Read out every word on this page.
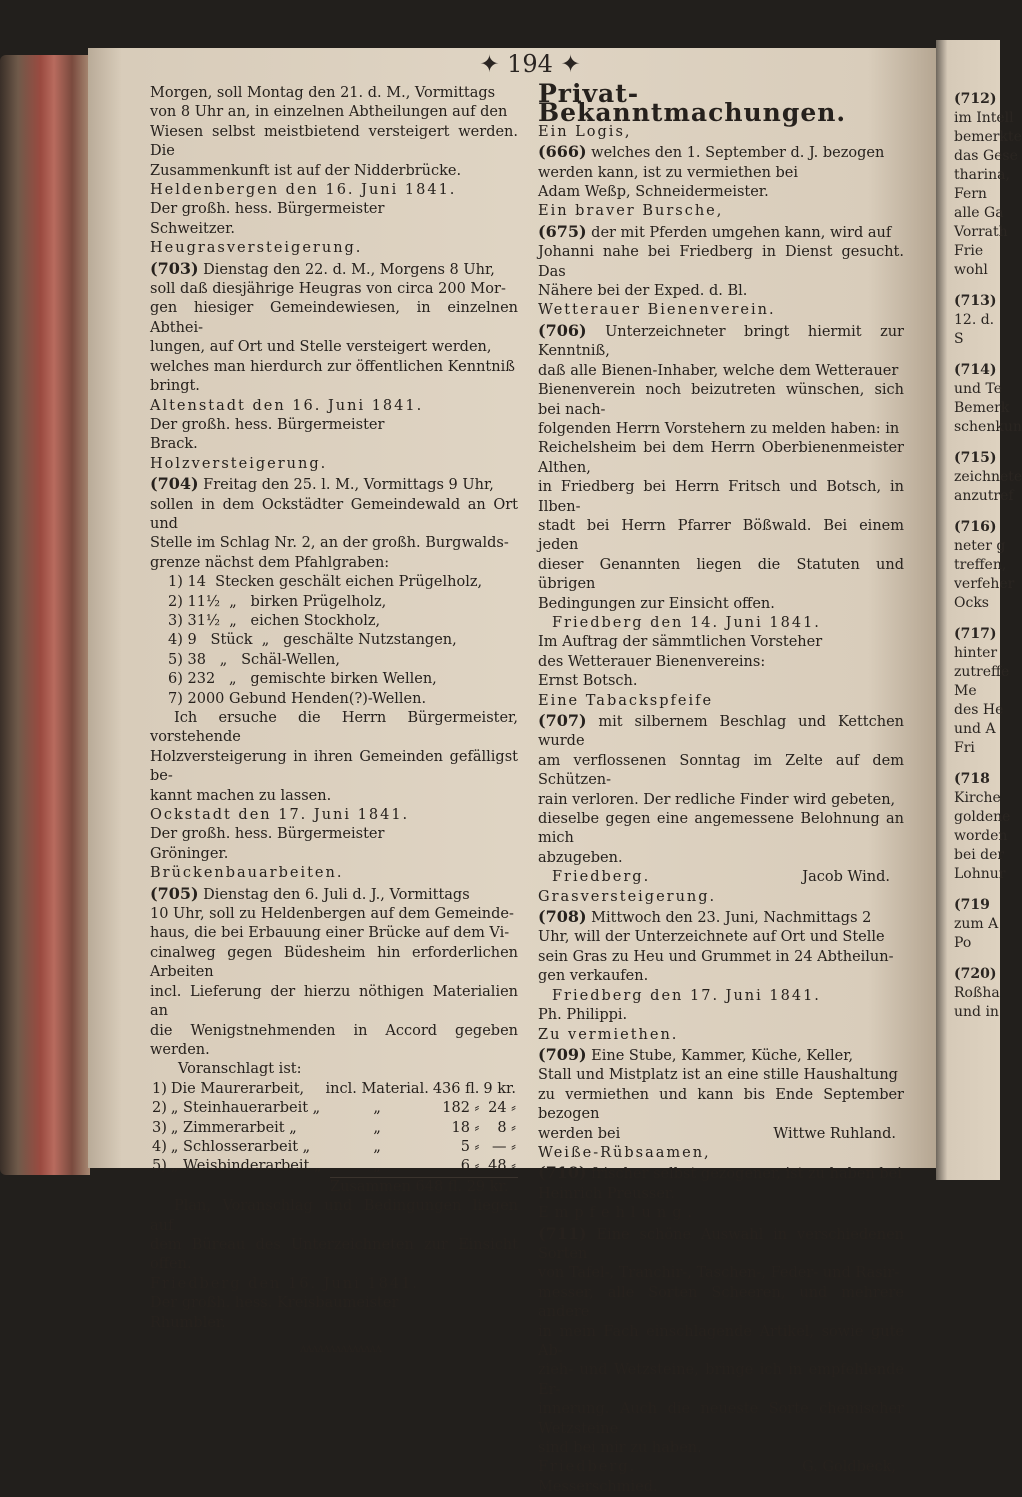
(712)
im Intell
bemerkte
das Gese
tharina,
Fern
alle Ga
Vorrath
Frie
wohl
(713)
12. d.
S
(714)
und Te
Bemerk
schenkun
(715)
zeichnete
anzutref
(716)
neter g
treffen,
verfeher
Ocks
(717)
hinter
zutreffe
Me
des He
und A
Fri
(718
Kirche
goldene
worden
bei der
Lohnur
(719
zum A
Po
(720)
Roßha
und in
✦ 194 ✦

Morgen, soll Montag den 21. d. M., Vormittags

von 8 Uhr an, in einzelnen Abtheilungen auf den

Wiesen selbst meistbietend versteigert werden. Die

Zusammenkunft ist auf der Nidderbrücke.

Heldenbergen den 16. Juni 1841.

Der großh. hess. Bürgermeister

Schweitzer.

Heugrasversteigerung.

(703) Dienstag den 22. d. M., Morgens 8 Uhr,

soll daß diesjährige Heugras von circa 200 Mor-

gen hiesiger Gemeindewiesen, in einzelnen Abthei-

lungen, auf Ort und Stelle versteigert werden,

welches man hierdurch zur öffentlichen Kenntniß

bringt.

Altenstadt den 16. Juni 1841.

Der großh. hess. Bürgermeister

Brack.

Holzversteigerung.

(704) Freitag den 25. l. M., Vormittags 9 Uhr,

sollen in dem Ockstädter Gemeindewald an Ort und

Stelle im Schlag Nr. 2, an der großh. Burgwalds-

grenze nächst dem Pfahlgraben:

1) 14  Stecken geschält eichen Prügelholz,

2) 11½  „   birken Prügelholz,

3) 31½  „   eichen Stockholz,

4) 9   Stück  „   geschälte Nutzstangen,

5) 38   „   Schäl-Wellen,

6) 232   „   gemischte birken Wellen,

7) 2000 Gebund Henden(?)-Wellen.

Ich ersuche die Herrn Bürgermeister, vorstehende

Holzversteigerung in ihren Gemeinden gefälligst be-

kannt machen zu lassen.

Ockstadt den 17. Juni 1841.

Der großh. hess. Bürgermeister

Gröninger.

Brückenbauarbeiten.

(705) Dienstag den 6. Juli d. J., Vormittags

10 Uhr, soll zu Heldenbergen auf dem Gemeinde-

haus, die bei Erbauung einer Brücke auf dem Vi-

cinalweg gegen Büdesheim hin erforderlichen Arbeiten

incl. Lieferung der hierzu nöthigen Materialien an

die Wenigstnehmenden in Accord gegeben werden.

Voranschlagt ist:

1)	Die Maurerarbeit,	incl. Material.	436 fl.	9 kr.
2)	„ Steinhauerarbeit „	„	182 ⸗	24 ⸗
3)	„ Zimmerarbeit „	„	18 ⸗	8 ⸗
4)	„ Schlosserarbeit „	„	5 ⸗	— ⸗
5)	„ Weisbinderarbeit „	„	6 ⸗	48 ⸗

Zusammen 648 fl. 29 kr.

Plan, Voranschlag und Bedingungen liegen auf

dem Büreau des Unterzeichneten zur Einsicht offen.

Friedberg den 16. Juni 1841.

Der großh. hess. Kreisbaumeister

Rhumbler.

ʌʌʌʌʌʌʌʌʌʌʌʌʌʌ

Privat-Bekanntmachungen.

Ein Logis,

(666) welches den 1. September d. J. bezogen

werden kann, ist zu vermiethen bei

Adam Weßp, Schneidermeister.

Ein braver Bursche,

(675) der mit Pferden umgehen kann, wird auf

Johanni nahe bei Friedberg in Dienst gesucht. Das

Nähere bei der Exped. d. Bl.

Wetterauer Bienenverein.

(706) Unterzeichneter bringt hiermit zur Kenntniß,

daß alle Bienen-Inhaber, welche dem Wetterauer

Bienenverein noch beizutreten wünschen, sich bei nach-

folgenden Herrn Vorstehern zu melden haben: in

Reichelsheim bei dem Herrn Oberbienenmeister Althen,

in Friedberg bei Herrn Fritsch und Botsch, in Ilben-

stadt bei Herrn Pfarrer Bößwald. Bei einem jeden

dieser Genannten liegen die Statuten und übrigen

Bedingungen zur Einsicht offen.

Friedberg den 14. Juni 1841.

Im Auftrag der sämmtlichen Vorsteher

des Wetterauer Bienenvereins:

Ernst Botsch.

Eine Tabackspfeife

(707) mit silbernem Beschlag und Kettchen wurde

am verflossenen Sonntag im Zelte auf dem Schützen-

rain verloren. Der redliche Finder wird gebeten,

dieselbe gegen eine angemessene Belohnung an mich

abzugeben.

Friedberg.	Jacob Wind.

Grasversteigerung.

(708) Mittwoch den 23. Juni, Nachmittags 2

Uhr, will der Unterzeichnete auf Ort und Stelle

sein Gras zu Heu und Grummet in 24 Abtheilun-

gen verkaufen.

Friedberg den 17. Juni 1841.

Ph. Philippi.

Zu vermiethen.

(709) Eine Stube, Kammer, Küche, Keller,

Stall und Mistplatz ist an eine stille Haushaltung

zu vermiethen und kann bis Ende September bezogen

werden bei	Wittwe Ruhland.

Weiße-Rübsaamen,

(710) frischer selbst gezogener, ist zu haben bei

Heinrich Preusser.

Empfehlung.

(711) Eine schöne Auswahl in verschiedenen Sorten

von Tafel-, Tranchir-, Taschen-, Feder- und Rasir-

messer, alle Sorten Scheeren, und mehrere andere

in mein Fach einschlagende Artikel, sowie gute Ab-

zieh- und Wetzsteine, bringe ich in empfehlende Er-

innerung. Auch die neueste Sorte chemischer Wetzsteine

sind bei mir zu haben.

Friedberg.	G. Goldbeck,

Messerschmied.
